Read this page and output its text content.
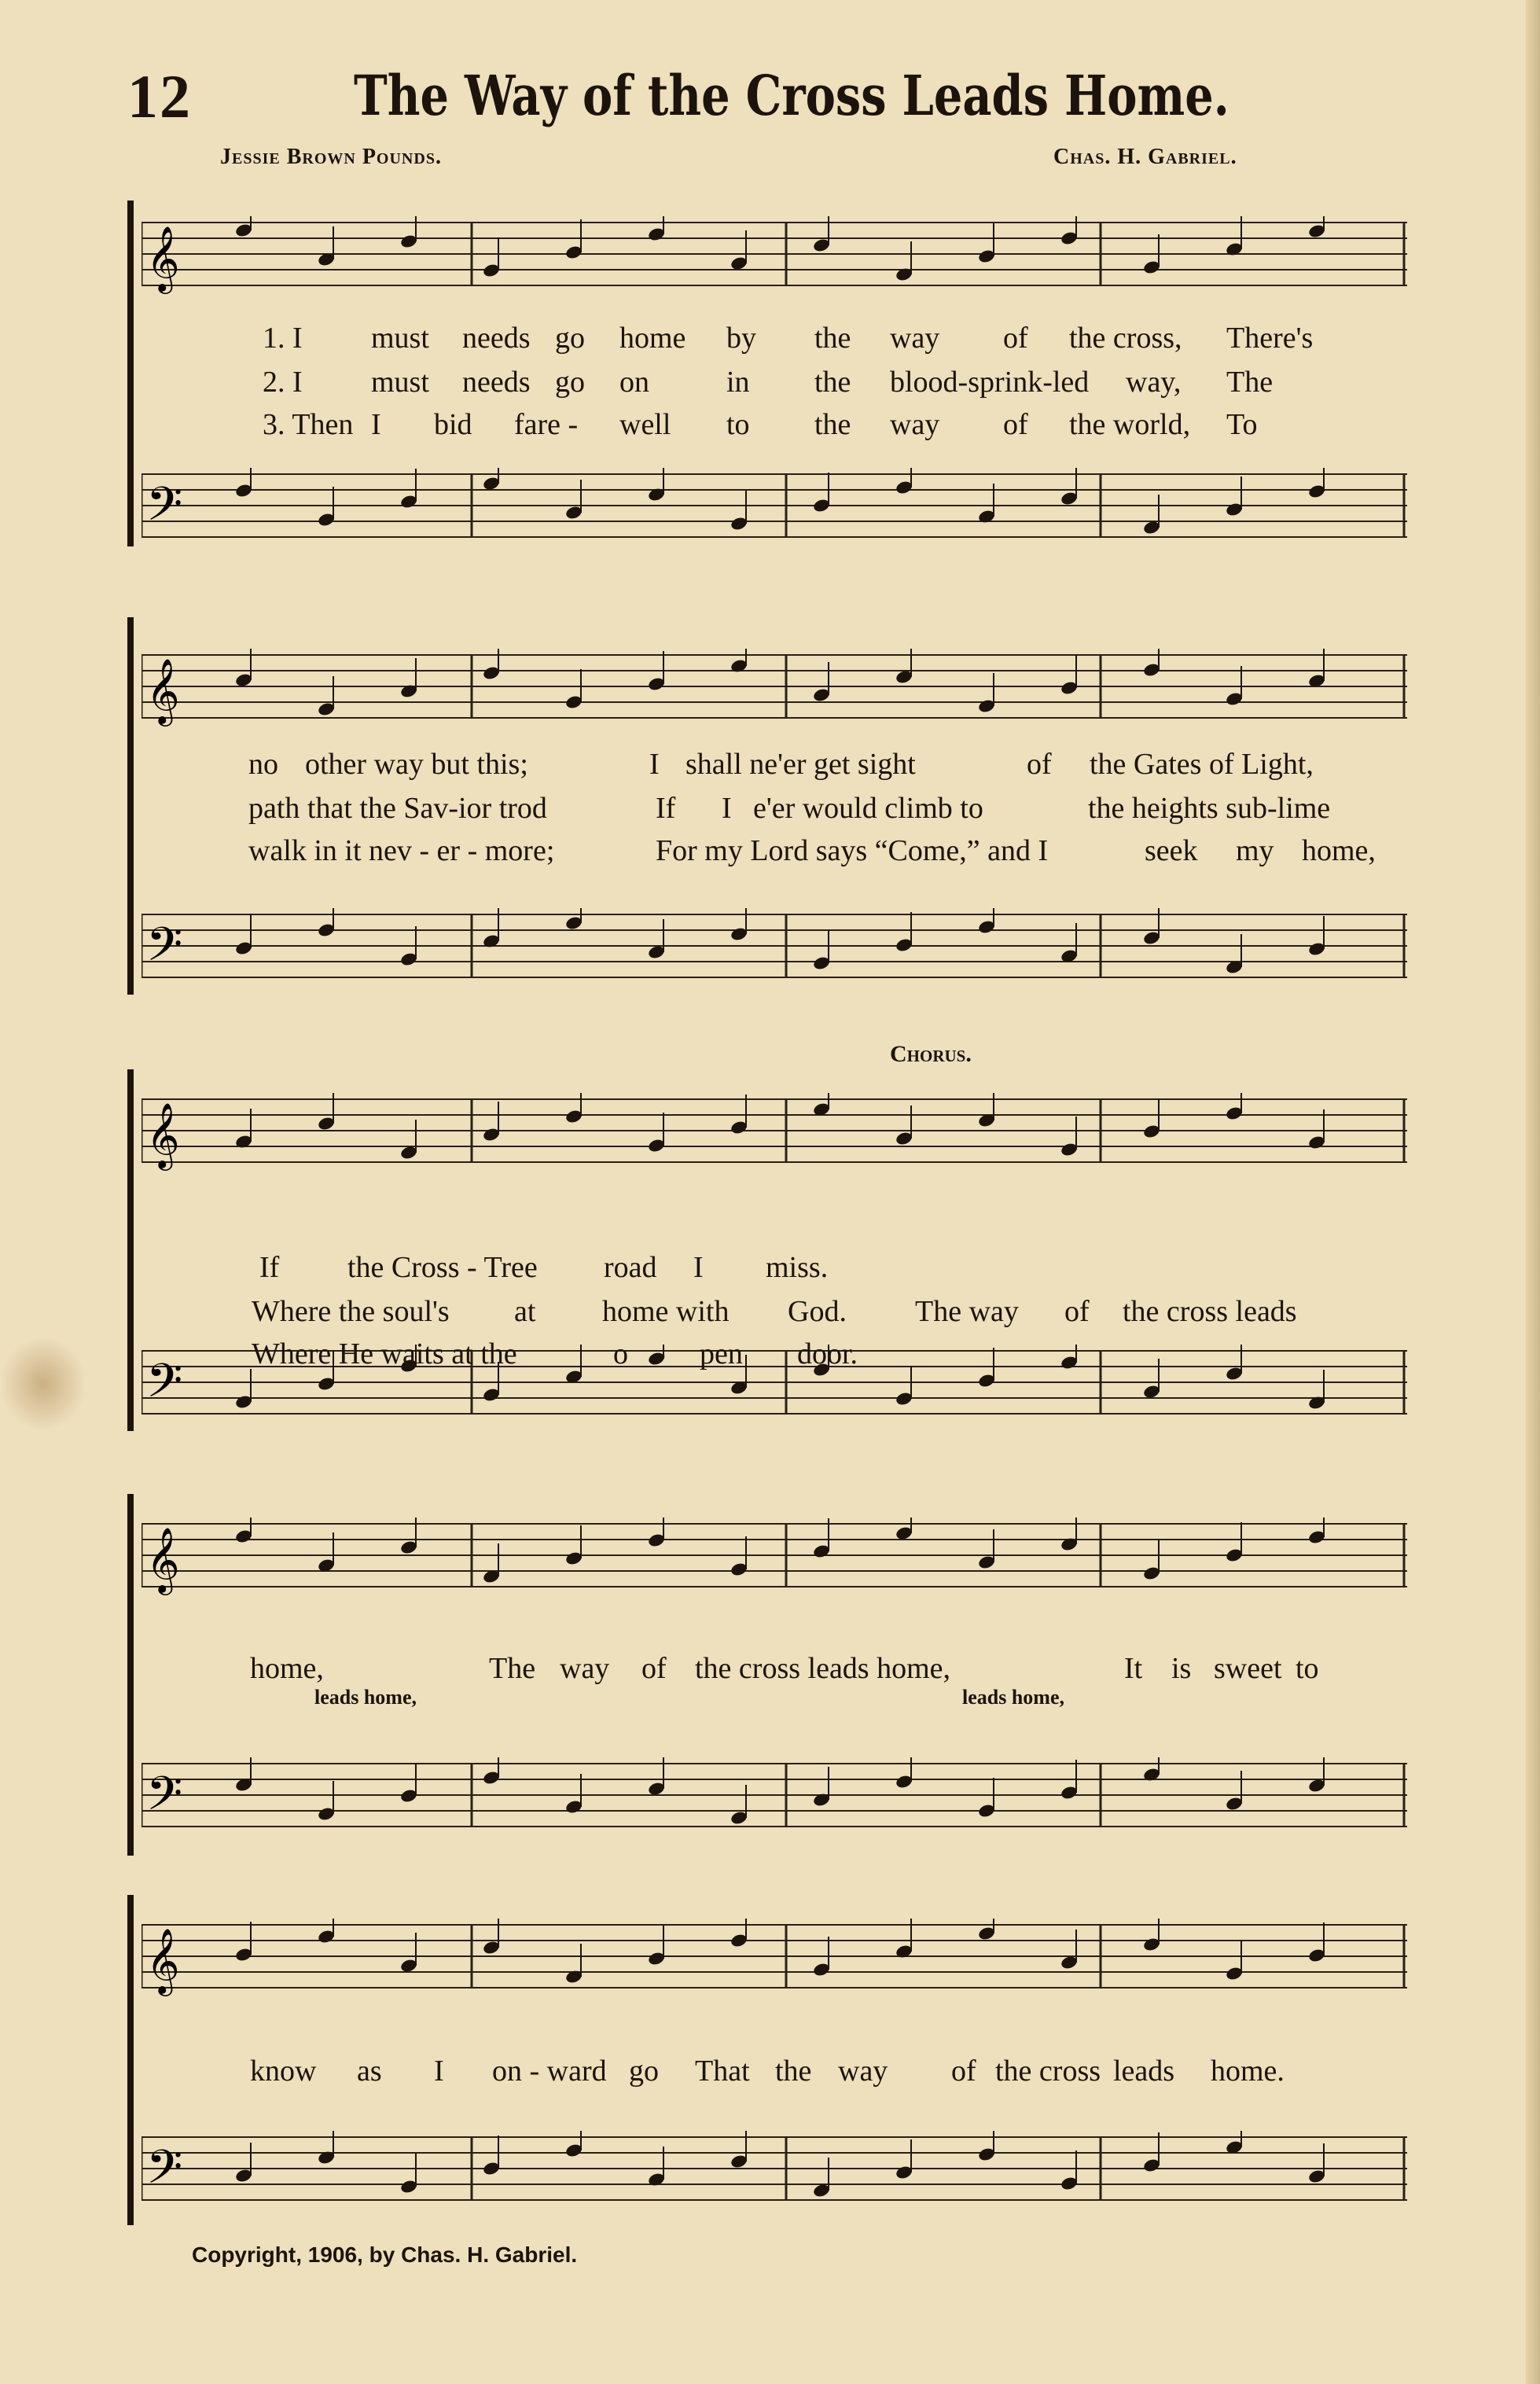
12	The Way of the Cross Leads Home.
Jessie Brown Pounds.	Chas. H. Gabriel.
𝄞
𝄢
𝄞
𝄢
𝄞
𝄢
𝄞
𝄢
𝄞
𝄢
1. I must needs go home by the way of the cross, There's
2. I must needs go on	in the blood-sprink-led way, The
3. Then I bid fare - well to the way of the world, To
no other way but this;	I shall ne'er get sight	of the Gates of Light,
path that the Sav-ior trod	If I e'er would climb to	the heights sub-lime
walk in it nev - er - more;	For my Lord says “Come,” and I	seek my home,
Chorus.
If the Cross - Tree road I miss.
Where the soul's at home with God. The way of the cross leads
Where He waits at the	o - pen door.
home,	The way of the cross leads home,	It is sweet to
leads home,	leads home,
know as I on - ward go That the way of the cross leads home.
Copyright, 1906, by Chas. H. Gabriel.
